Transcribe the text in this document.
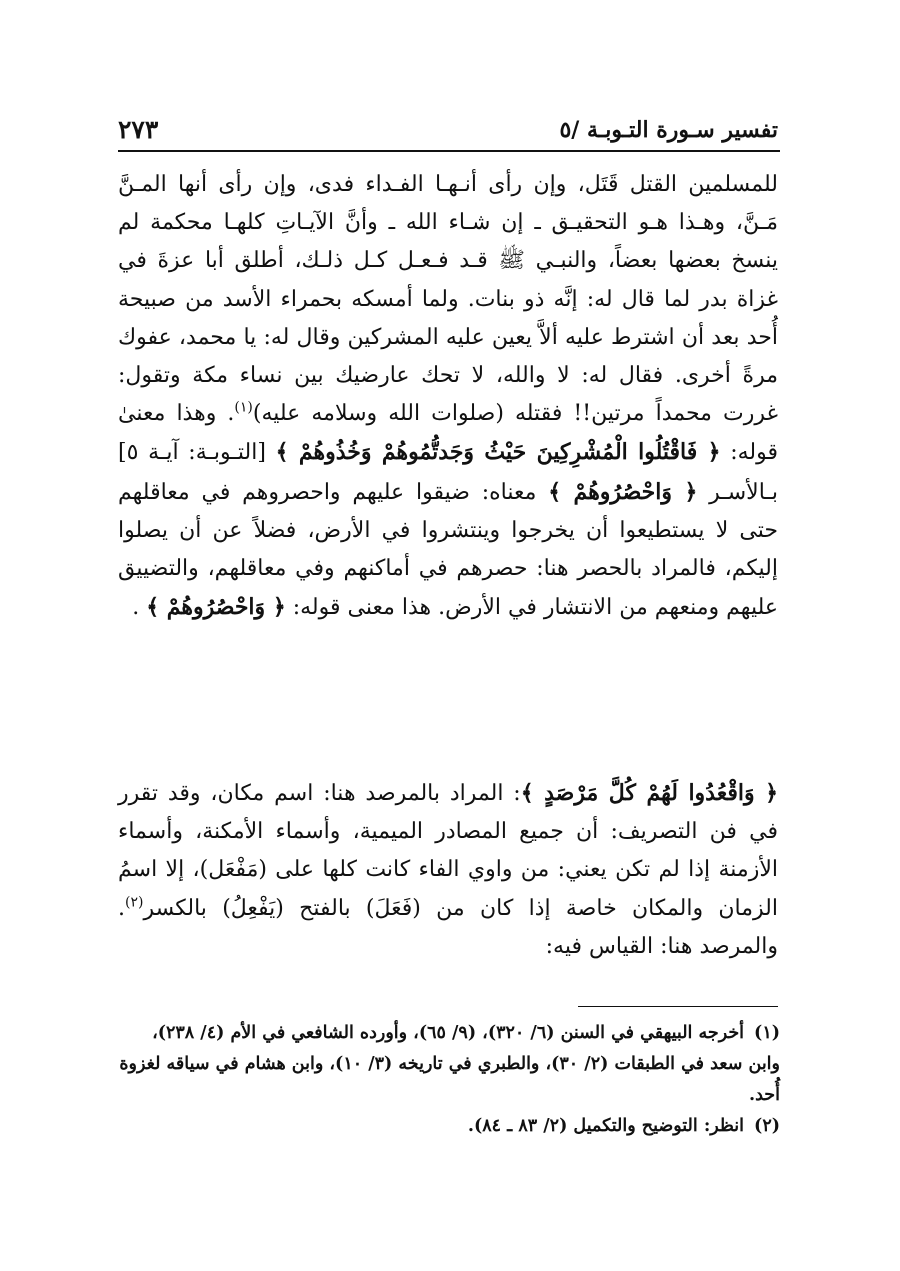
تفسير سـورة التـوبـة /٥
٢٧٣

للمسلمين القتل قَتَل، وإن رأى أنـهـا الفـداء فدى، وإن رأى أنها المـنَّ مَـنَّ، وهـذا هـو التحقيـق ـ إن شـاء الله ـ وأنَّ الآيـاتِ كلهـا محكمة لم ينسخ بعضها بعضاً، والنبـي ﷺ قـد فـعـل كـل ذلـك، أطلق أبا عزةَ في غزاة بدر لما قال له: إنَّه ذو بنات. ولما أمسكه بحمراء الأسد من صبيحة أُحد بعد أن اشترط عليه ألاَّ يعين عليه المشركين وقال له: يا محمد، عفوك مرةً أخرى. فقال له: لا والله، لا تحك عارضيك بين نساء مكة وتقول: غررت محمداً مرتين!! فقتله (صلوات الله وسلامه عليه)$^{(١)}$. وهذا معنىٰ قوله: ﴿ فَاقْتُلُوا الْمُشْرِكِينَ حَيْثُ وَجَدتُّمُوهُمْ وَخُذُوهُمْ ﴾ [التـوبـة: آيـة ٥] بـالأسـر ﴿ وَاحْصُرُوهُمْ ﴾ معناه: ضيقوا عليهم واحصروهم في معاقلهم حتى لا يستطيعوا أن يخرجوا وينتشروا في الأرض، فضلاً عن أن يصلوا إليكم، فالمراد بالحصر هنا: حصرهم في أماكنهم وفي معاقلهم، والتضييق عليهم ومنعهم من الانتشار في الأرض. هذا معنى قوله: ﴿ وَاحْصُرُوهُمْ ﴾ .

﴿ وَاقْعُدُوا لَهُمْ كُلَّ مَرْصَدٍ ﴾: المراد بالمرصد هنا: اسم مكان، وقد تقرر في فن التصريف: أن جميع المصادر الميمية، وأسماء الأمكنة، وأسماء الأزمنة إذا لم تكن يعني: من واوي الفاء كانت كلها على (مَفْعَل)، إلا اسمُ الزمان والمكان خاصة إذا كان من (فَعَلَ) بالفتح (يَفْعِلُ) بالكسر$^{(٢)}$. والمرصد هنا: القياس فيه:

(١)أخرجه البيهقي في السنن (٦/ ٣٢٠)، (٩/ ٦٥)، وأورده الشافعي في الأم (٤/ ٢٣٨)، وابن سعد في الطبقات (٢/ ٣٠)، والطبري في تاريخه (٣/ ١٠)، وابن هشام في سياقه لغزوة أُحد.

(٢)انظر: التوضيح والتكميل (٢/ ٨٣ ـ ٨٤).
